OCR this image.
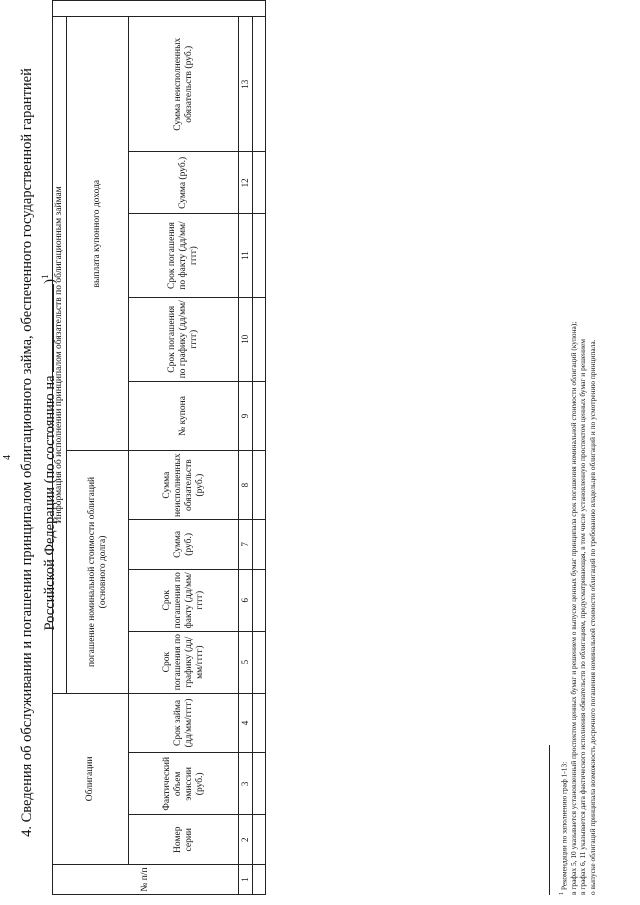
4 4. Сведения об обслуживании и погашении принципалом облигационного займа, обеспеченного государственной гарантией Российской Федерации (по состоянию на )$^1$
№ п/п	Облигации			Информация об исполнении принципалом обязательств по облигационным займам									
				погашение номинальной стоимости облигаций (основного долга)				выплата купонного дохода					
	Номер серии	Фактический объем эмиссии (руб.)	Срок займа (дд/мм/гггг)	Срок погашения по графику (дд/мм/гггг)	Срок погашения по факту (дд/мм/гггг)	Сумма (руб.)	Сумма неисполненных обязательств (руб.)	№ купона	Срок погашения по графику (дд/мм/гггг)	Срок погашения по факту (дд/мм/гггг)	Сумма (руб.)	Сумма неисполненных обязательств (руб.)	
1	2	3	4	5	6	7	8	9	10	11	12	13	

$^1$ Рекомендации по заполнению граф 1-13: в графах 5, 10 указывается установленный проспектом ценных бумаг и решением о выпуске ценных бумаг принципала срок погашения номинальной стоимости облигаций (купона); в графах 6, 11 указывается дата фактического исполнения обязательств по облигациям, предусматривающая, в том числе установленную проспектом ценных бумаг и решением о выпуске облигаций принципала возможность досрочного погашения номинальной стоимости облигаций по требованию владельцев облигаций и по усмотрению принципала.
